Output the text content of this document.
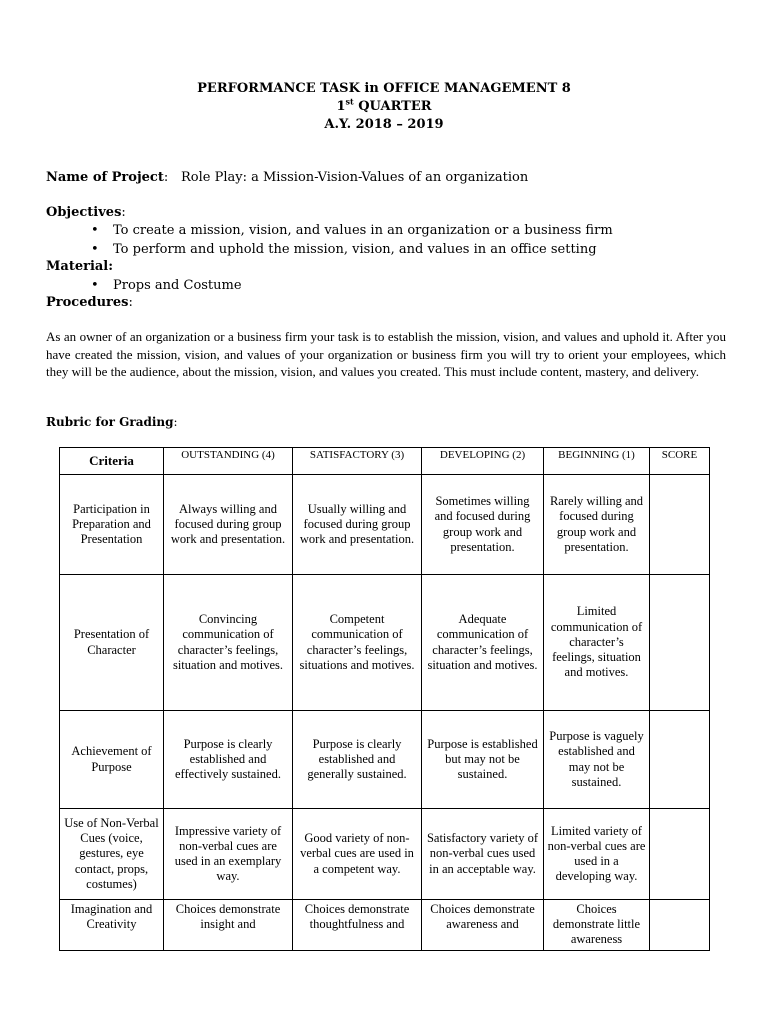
PERFORMANCE TASK in OFFICE MANAGEMENT 8
1st QUARTER
A.Y. 2018 – 2019
Name of Project: Role Play: a Mission-Vision-Values of an organization
Objectives:
• To create a mission, vision, and values in an organization or a business firm
• To perform and uphold the mission, vision, and values in an office setting
Material:
• Props and Costume
Procedures:
As an owner of an organization or a business firm your task is to establish the mission, vision, and values and uphold it. After you have created the mission, vision, and values of your organization or business firm you will try to orient your employees, which they will be the audience, about the mission, vision, and values you created. This must include content, mastery, and delivery.
Rubric for Grading:
Criteria	OUTSTANDING (4)	SATISFACTORY (3)	DEVELOPING (2)	BEGINNING (1)	SCORE
Participation in Preparation and Presentation	Always willing and focused during group work and presentation.	Usually willing and focused during group work and presentation.	Sometimes willing and focused during group work and presentation.	Rarely willing and focused during group work and presentation.	
Presentation of Character	Convincing communication of character’s feelings, situation and motives.	Competent communication of character’s feelings, situations and motives.	Adequate communication of character’s feelings, situation and motives.	Limited communication of character’s feelings, situation and motives.	
Achievement of Purpose	Purpose is clearly established and effectively sustained.	Purpose is clearly established and generally sustained.	Purpose is established but may not be sustained.	Purpose is vaguely established and may not be sustained.	
Use of Non-Verbal Cues (voice, gestures, eye contact, props, costumes)	Impressive variety of non-verbal cues are used in an exemplary way.	Good variety of non-verbal cues are used in a competent way.	Satisfactory variety of non-verbal cues used in an acceptable way.	Limited variety of non-verbal cues are used in a developing way.	
Imagination and Creativity	Choices demonstrate insight and	Choices demonstrate thoughtfulness and	Choices demonstrate awareness and	Choices demonstrate little awareness	
